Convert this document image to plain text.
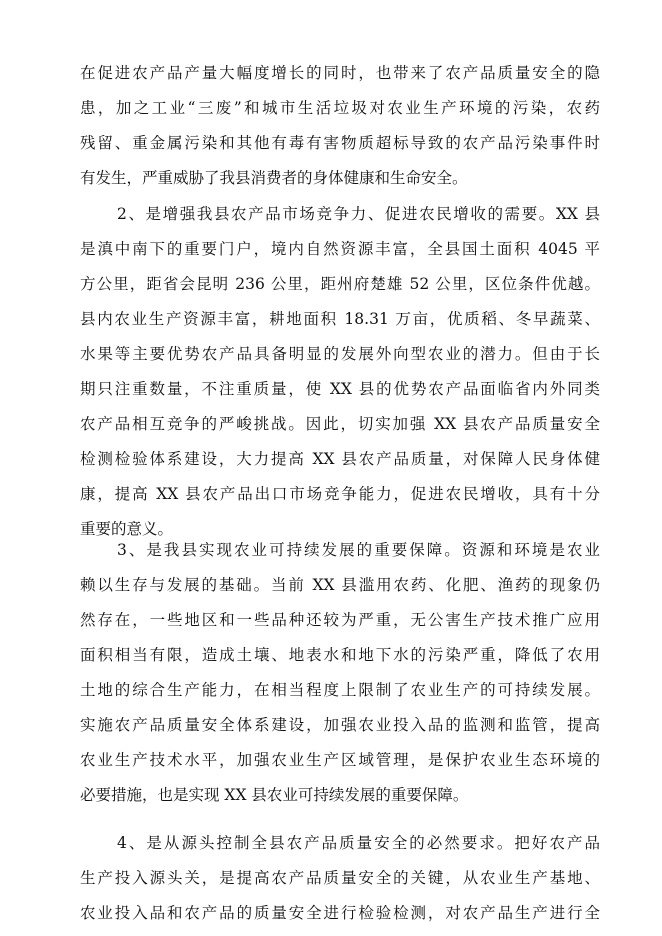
在促进农产品产量大幅度增长的同时，也带来了农产品质量安全的隐
患，加之工业“三废”和城市生活垃圾对农业生产环境的污染，农药
残留、重金属污染和其他有毒有害物质超标导致的农产品污染事件时
有发生，严重威胁了我县消费者的身体健康和生命安全。
2、是增强我县农产品市场竞争力、促进农民增收的需要。XX 县
是滇中南下的重要门户，境内自然资源丰富，全县国土面积 4045 平
方公里，距省会昆明 236 公里，距州府楚雄 52 公里，区位条件优越。
县内农业生产资源丰富，耕地面积 18.31 万亩，优质稻、冬早蔬菜、
水果等主要优势农产品具备明显的发展外向型农业的潜力。但由于长
期只注重数量，不注重质量，使 XX 县的优势农产品面临省内外同类
农产品相互竞争的严峻挑战。因此，切实加强 XX 县农产品质量安全
检测检验体系建设，大力提高 XX 县农产品质量，对保障人民身体健
康，提高 XX 县农产品出口市场竞争能力，促进农民增收，具有十分
重要的意义。
3、是我县实现农业可持续发展的重要保障。资源和环境是农业
赖以生存与发展的基础。当前 XX 县滥用农药、化肥、渔药的现象仍
然存在，一些地区和一些品种还较为严重，无公害生产技术推广应用
面积相当有限，造成土壤、地表水和地下水的污染严重，降低了农用
土地的综合生产能力，在相当程度上限制了农业生产的可持续发展。
实施农产品质量安全体系建设，加强农业投入品的监测和监管，提高
农业生产技术水平，加强农业生产区域管理，是保护农业生态环境的
必要措施，也是实现 XX 县农业可持续发展的重要保障。
4、是从源头控制全县农产品质量安全的必然要求。把好农产品
生产投入源头关，是提高农产品质量安全的关键，从农业生产基地、
农业投入品和农产品的质量安全进行检验检测，对农产品生产进行全
